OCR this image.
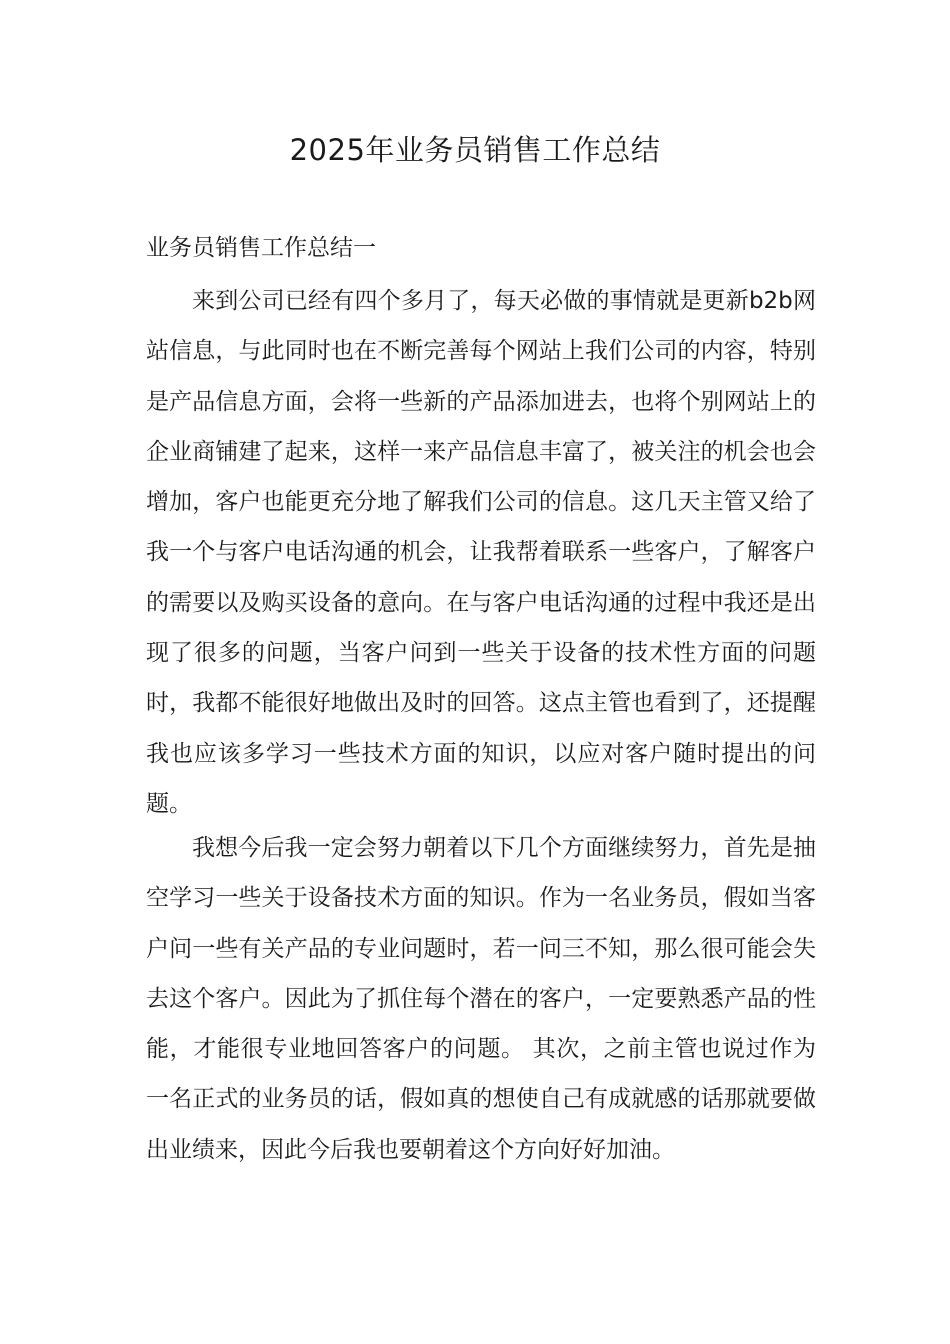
2025年业务员销售工作总结
业务员销售工作总结一

来到公司已经有四个多月了，每天必做的事情就是更新b2b网站信息，与此同时也在不断完善每个网站上我们公司的内容，特别是产品信息方面，会将一些新的产品添加进去，也将个别网站上的企业商铺建了起来，这样一来产品信息丰富了，被关注的机会也会增加，客户也能更充分地了解我们公司的信息。这几天主管又给了我一个与客户电话沟通的机会，让我帮着联系一些客户，了解客户的需要以及购买设备的意向。在与客户电话沟通的过程中我还是出现了很多的问题，当客户问到一些关于设备的技术性方面的问题时，我都不能很好地做出及时的回答。这点主管也看到了，还提醒我也应该多学习一些技术方面的知识，以应对客户随时提出的问题。

我想今后我一定会努力朝着以下几个方面继续努力，首先是抽空学习一些关于设备技术方面的知识。作为一名业务员，假如当客户问一些有关产品的专业问题时，若一问三不知，那么很可能会失去这个客户。因此为了抓住每个潜在的客户，一定要熟悉产品的性能，才能很专业地回答客户的问题。 其次，之前主管也说过作为一名正式的业务员的话，假如真的想使自己有成就感的话那就要做出业绩来，因此今后我也要朝着这个方向好好加油。
